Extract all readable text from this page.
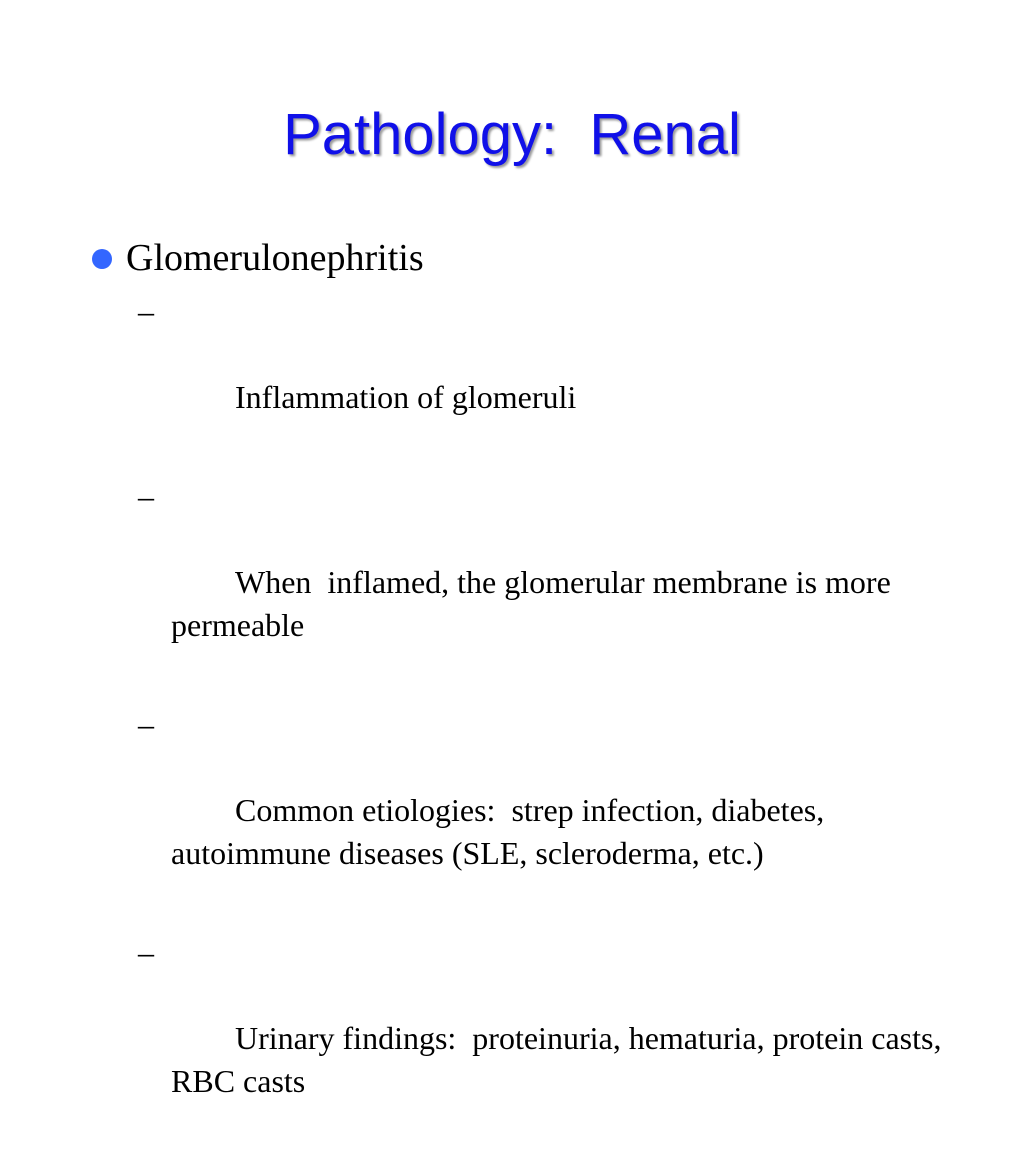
Pathology:  Renal
Glomerulonephritis

–

Inflammation of glomeruli

–

When  inflamed, the glomerular membrane is more permeable

–

Common etiologies:  strep infection, diabetes, autoimmune diseases (SLE, scleroderma, etc.)

–

Urinary findings:  proteinuria, hematuria, protein casts, RBC casts
